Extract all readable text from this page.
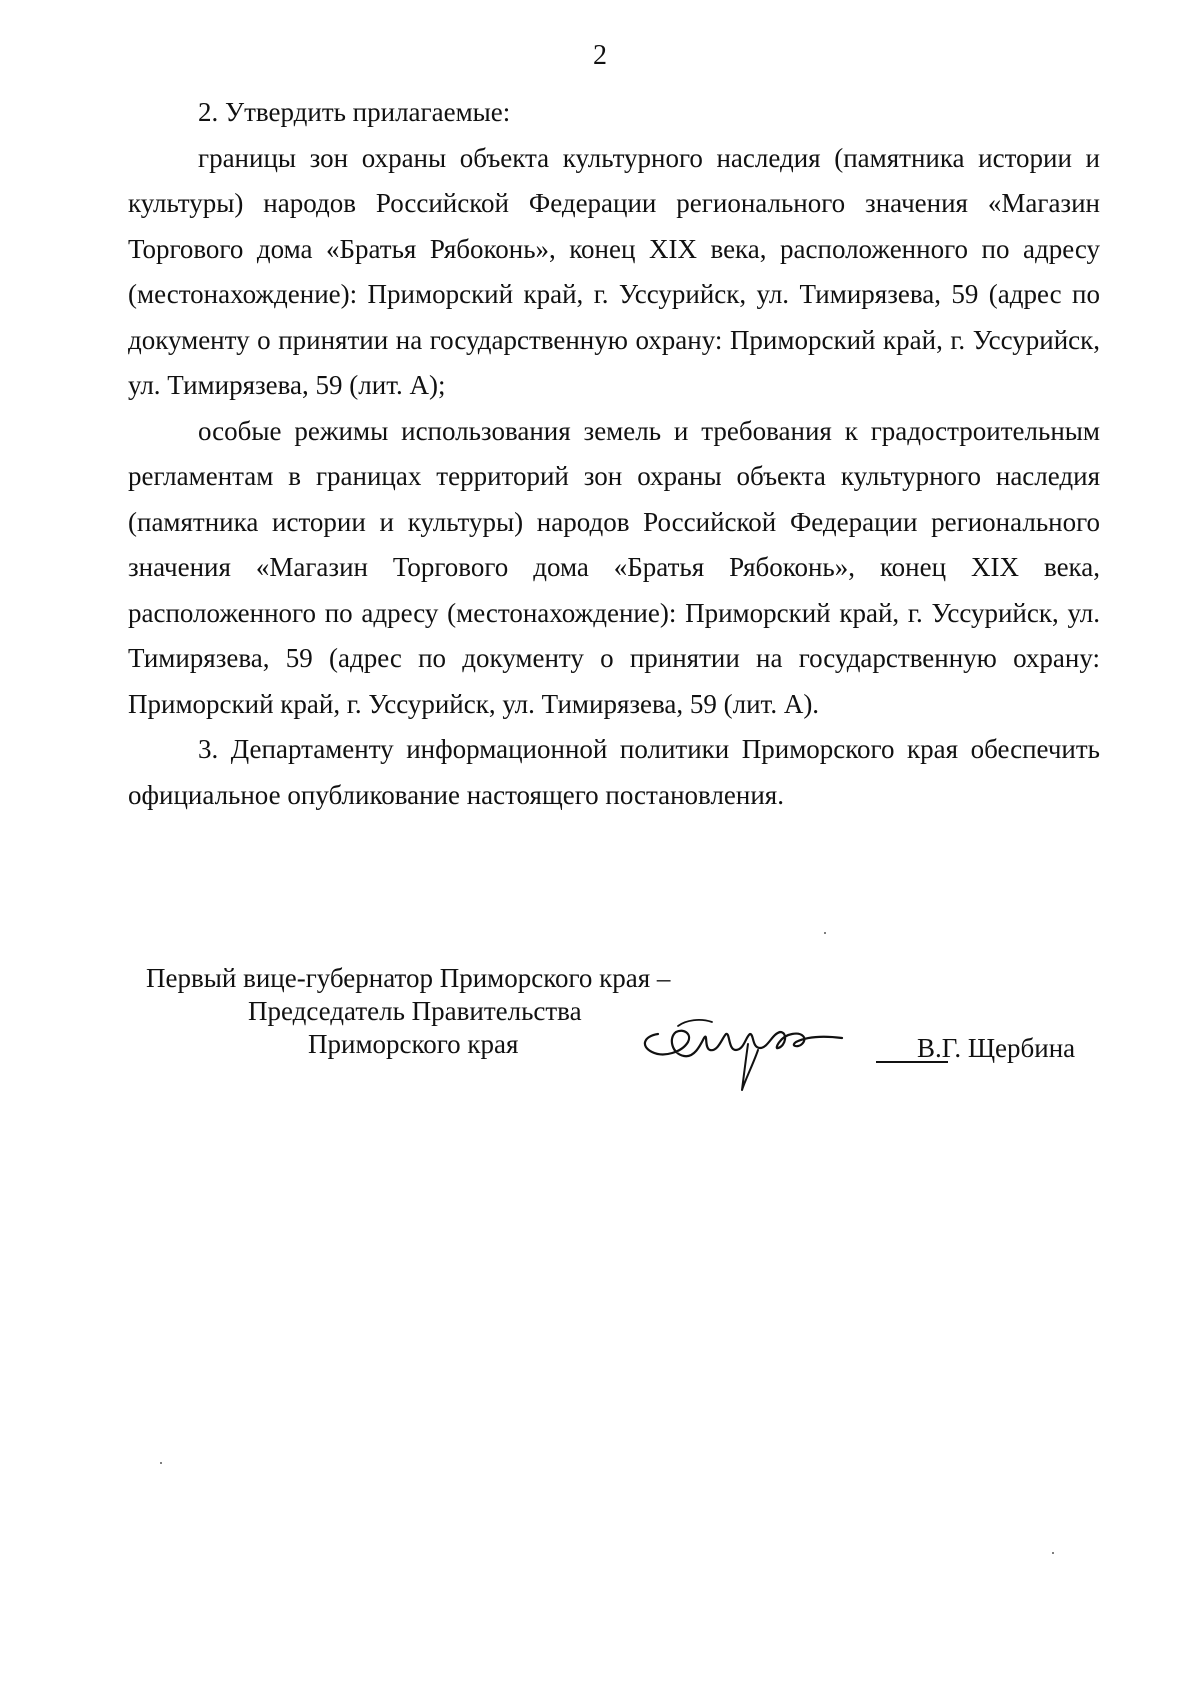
2

2. Утвердить прилагаемые:

границы зон охраны объекта культурного наследия (памятника истории и культуры) народов Российской Федерации регионального значения «Магазин Торгового дома «Братья Рябоконь», конец XIX века, расположенного по адресу (местонахождение): Приморский край, г. Уссурийск, ул. Тимирязева, 59 (адрес по документу о принятии на государственную охрану: Приморский край, г. Уссурийск, ул. Тимирязева, 59 (лит. А);

особые режимы использования земель и требования к градостроительным регламентам в границах территорий зон охраны объекта культурного наследия (памятника истории и культуры) народов Российской Федерации регионального значения «Магазин Торгового дома «Братья Рябоконь», конец XIX века, расположенного по адресу (местонахождение): Приморский край, г. Уссурийск, ул. Тимирязева, 59 (адрес по документу о принятии на государственную охрану: Приморский край, г. Уссурийск, ул. Тимирязева, 59 (лит. А).

3. Департаменту информационной политики Приморского края обеспечить официальное опубликование настоящего постановления.

Первый вице-губернатор Приморского края –
Председатель Правительства
Приморского края	В.Г. Щербина
